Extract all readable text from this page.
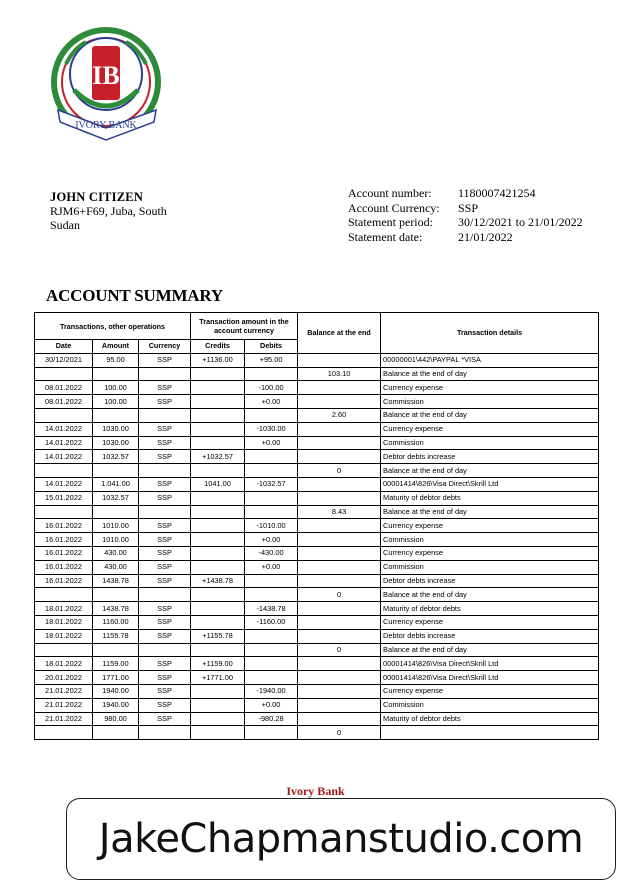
IB
IVORY BANK
JOHN CITIZEN
RJM6+F69, Juba, South
Sudan
Account number:	1180007421254
Account Currency:	SSP
Statement period:	30/12/2021 to 21/01/2022
Statement date:	21/01/2022
ACCOUNT SUMMARY
Transactions, other operations			Transaction amount in the account currency		Balance at the end	Transaction details
Date	Amount	Currency	Credits	Debits		
30/12/2021	95.00	SSP	+1136.00	+95.00		00000001\442\PAYPAL *VISA
					103.10	Balance at the end of day
08.01.2022	100.00	SSP		-100.00		Currency expense
08.01.2022	100.00	SSP		+0.00		Commission
					2.60	Balance at the end of day
14.01.2022	1030.00	SSP		-1030.00		Currency expense
14.01.2022	1030.00	SSP		+0.00		Commission
14.01.2022	1032.57	SSP	+1032.57			Debtor debts increase
					0	Balance at the end of day
14.01.2022	1.041.00	SSP	1041.00	-1032.57		00001414\826\Visa Direct\Skrill Ltd
15.01.2022	1032.57	SSP				Maturity of debtor debts
					8.43	Balance at the end of day
16.01.2022	1010.00	SSP		-1010.00		Currency expense
16.01.2022	1010.00	SSP		+0.00		Commission
16.01.2022	430.00	SSP		-430.00		Currency expense
16.01.2022	430.00	SSP		+0.00		Commission
16.01.2022	1438.78	SSP	+1438.78			Debtor debts increase
					0	Balance at the end of day
18.01.2022	1438.78	SSP		-1438.78		Maturity of debtor debts
18.01.2022	1160.00	SSP		-1160.00		Currency expense
18.01.2022	1155.78	SSP	+1155.78			Debtor debts increase
					0	Balance at the end of day
18.01.2022	1159.00	SSP	+1159.00			00001414\826\Visa Direct\Skrill Ltd
20.01.2022	1771.00	SSP	+1771.00			00001414\826\Visa Direct\Skrill Ltd
21.01.2022	1940.00	SSP		-1940.00		Currency expense
21.01.2022	1940.00	SSP		+0.00		Commission
21.01.2022	980.00	SSP		-980.28		Maturity of debtor debts
					0	
Ivory Bank
JakeChapmanstudio.com
